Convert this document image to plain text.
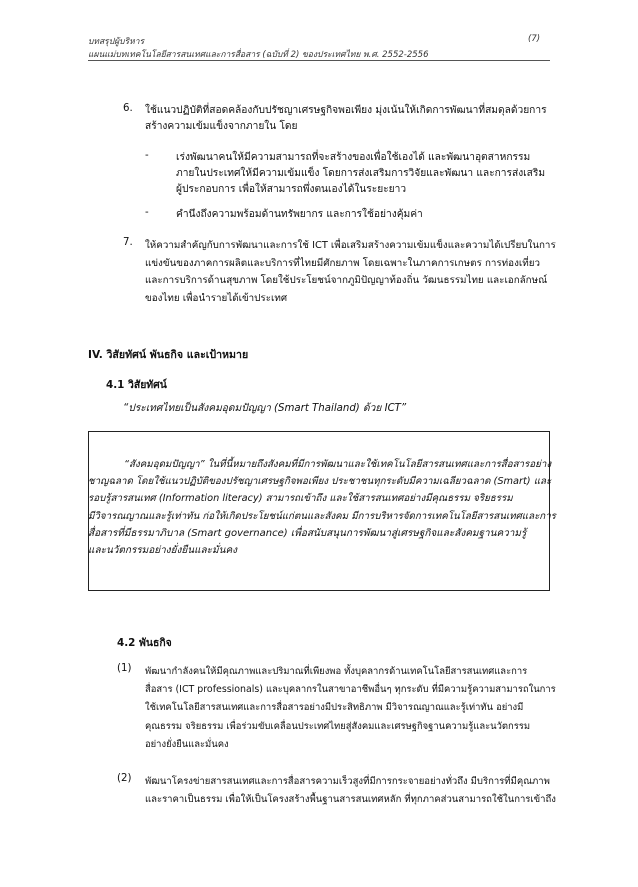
บทสรุปผู้บริหาร
แผนแม่บทเทคโนโลยีสารสนเทศและการสื่อสาร (ฉบับที่ 2) ของประเทศไทย พ.ศ. 2552-2556
(7)
6. ใช้แนวปฏิบัติที่สอดคล้องกับปรัชญาเศรษฐกิจพอเพียง มุ่งเน้นให้เกิดการพัฒนาที่สมดุลด้วยการ
สร้างความเข้มแข็งจากภายใน โดย
-	เร่งพัฒนาคนให้มีความสามารถที่จะสร้างของเพื่อใช้เองได้ และพัฒนาอุตสาหกรรม
ภายในประเทศให้มีความเข้มแข็ง โดยการส่งเสริมการวิจัยและพัฒนา และการส่งเสริม
ผู้ประกอบการ เพื่อให้สามารถพึ่งตนเองได้ในระยะยาว
-	คำนึงถึงความพร้อมด้านทรัพยากร และการใช้อย่างคุ้มค่า
7. ให้ความสำคัญกับการพัฒนาและการใช้ ICT เพื่อเสริมสร้างความเข้มแข็งและความได้เปรียบในการ
แข่งขันของภาคการผลิตและบริการที่ไทยมีศักยภาพ โดยเฉพาะในภาคการเกษตร การท่องเที่ยว
และการบริการด้านสุขภาพ โดยใช้ประโยชน์จากภูมิปัญญาท้องถิ่น วัฒนธรรมไทย และเอกลักษณ์
ของไทย เพื่อนำรายได้เข้าประเทศ
IV. วิสัยทัศน์ พันธกิจ และเป้าหมาย
4.1 วิสัยทัศน์
“ประเทศไทยเป็นสังคมอุดมปัญญา (Smart Thailand) ด้วย ICT”
“สังคมอุดมปัญญา” ในที่นี้หมายถึงสังคมที่มีการพัฒนาและใช้เทคโนโลยีสารสนเทศและการสื่อสารอย่าง
ชาญฉลาด โดยใช้แนวปฏิบัติของปรัชญาเศรษฐกิจพอเพียง ประชาชนทุกระดับมีความเฉลียวฉลาด (Smart) และ
รอบรู้สารสนเทศ (Information literacy) สามารถเข้าถึง และใช้สารสนเทศอย่างมีคุณธรรม จริยธรรม
มีวิจารณญาณและรู้เท่าทัน ก่อให้เกิดประโยชน์แก่ตนและสังคม มีการบริหารจัดการเทคโนโลยีสารสนเทศและการ
สื่อสารที่มีธรรมาภิบาล (Smart governance) เพื่อสนับสนุนการพัฒนาสู่เศรษฐกิจและสังคมฐานความรู้
และนวัตกรรมอย่างยั่งยืนและมั่นคง
4.2 พันธกิจ
(1) พัฒนากำลังคนให้มีคุณภาพและปริมาณที่เพียงพอ ทั้งบุคลากรด้านเทคโนโลยีสารสนเทศและการ
สื่อสาร (ICT professionals) และบุคลากรในสาขาอาชีพอื่นๆ ทุกระดับ ที่มีความรู้ความสามารถในการ
ใช้เทคโนโลยีสารสนเทศและการสื่อสารอย่างมีประสิทธิภาพ มีวิจารณญาณและรู้เท่าทัน อย่างมี
คุณธรรม จริยธรรม เพื่อร่วมขับเคลื่อนประเทศไทยสู่สังคมและเศรษฐกิจฐานความรู้และนวัตกรรม
อย่างยั่งยืนและมั่นคง
(2) พัฒนาโครงข่ายสารสนเทศและการสื่อสารความเร็วสูงที่มีการกระจายอย่างทั่วถึง มีบริการที่มีคุณภาพ
และราคาเป็นธรรม เพื่อให้เป็นโครงสร้างพื้นฐานสารสนเทศหลัก ที่ทุกภาคส่วนสามารถใช้ในการเข้าถึง
